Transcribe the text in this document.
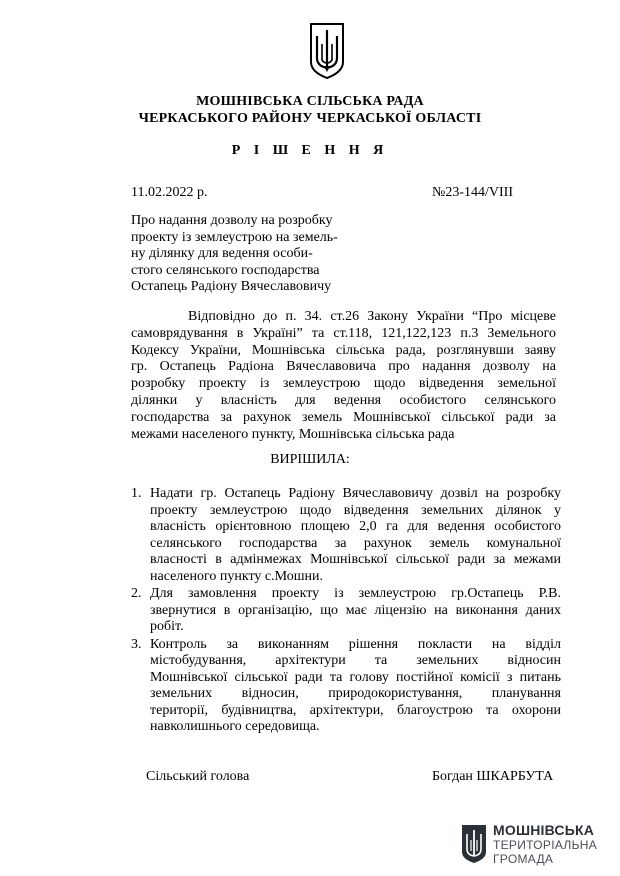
МОШНІВСЬКА СІЛЬСЬКА РАДА
ЧЕРКАСЬКОГО РАЙОНУ ЧЕРКАСЬКОЇ ОБЛАСТІ
Р І Ш Е Н Н Я
11.02.2022 р.	№23-144/VIII
Про надання дозволу на розробку
проекту із землеустрою на земель-
ну ділянку для ведення особи-
стого селянського господарства
Остапець Радіону Вячеславовичу
Відповідно до п. 34. ст.26 Закону України “Про місцеве
самоврядування в Україні” та ст.118, 121,122,123 п.3 Земельного
Кодексу України, Мошнівська сільська рада, розглянувши заяву
гр. Остапець Радіона Вячеславовича про надання дозволу на
розробку проекту із землеустрою щодо відведення земельної
ділянки у власність для ведення особистого селянського
господарства за рахунок земель Мошнівської сільської ради за
межами населеного пункту, Мошнівська сільська рада
ВИРІШИЛА:
1. Надати гр. Остапець Радіону Вячеславовичу дозвіл на розробку
проекту землеустрою щодо відведення земельних ділянок у
власність орієнтовною площею 2,0 га для ведення особистого
селянського господарства за рахунок земель комунальної
власності в адмінмежах Мошнівської сільської ради за межами
населеного пункту с.Мошни.
2. Для замовлення проекту із землеустрою гр.Остапець Р.В.
звернутися в організацію, що має ліцензію на виконання даних
робіт.
3. Контроль за виконанням рішення покласти на відділ
містобудування, архітектури та земельних відносин
Мошнівської сільської ради та голову постійної комісії з питань
земельних відносин, природокористування, планування
території, будівництва, архітектури, благоустрою та охорони
навколишнього середовища.
Сільський голова	Богдан ШКАРБУТА
МОШНІВСЬКА
ТЕРИТОРІАЛЬНА
ГРОМАДА
